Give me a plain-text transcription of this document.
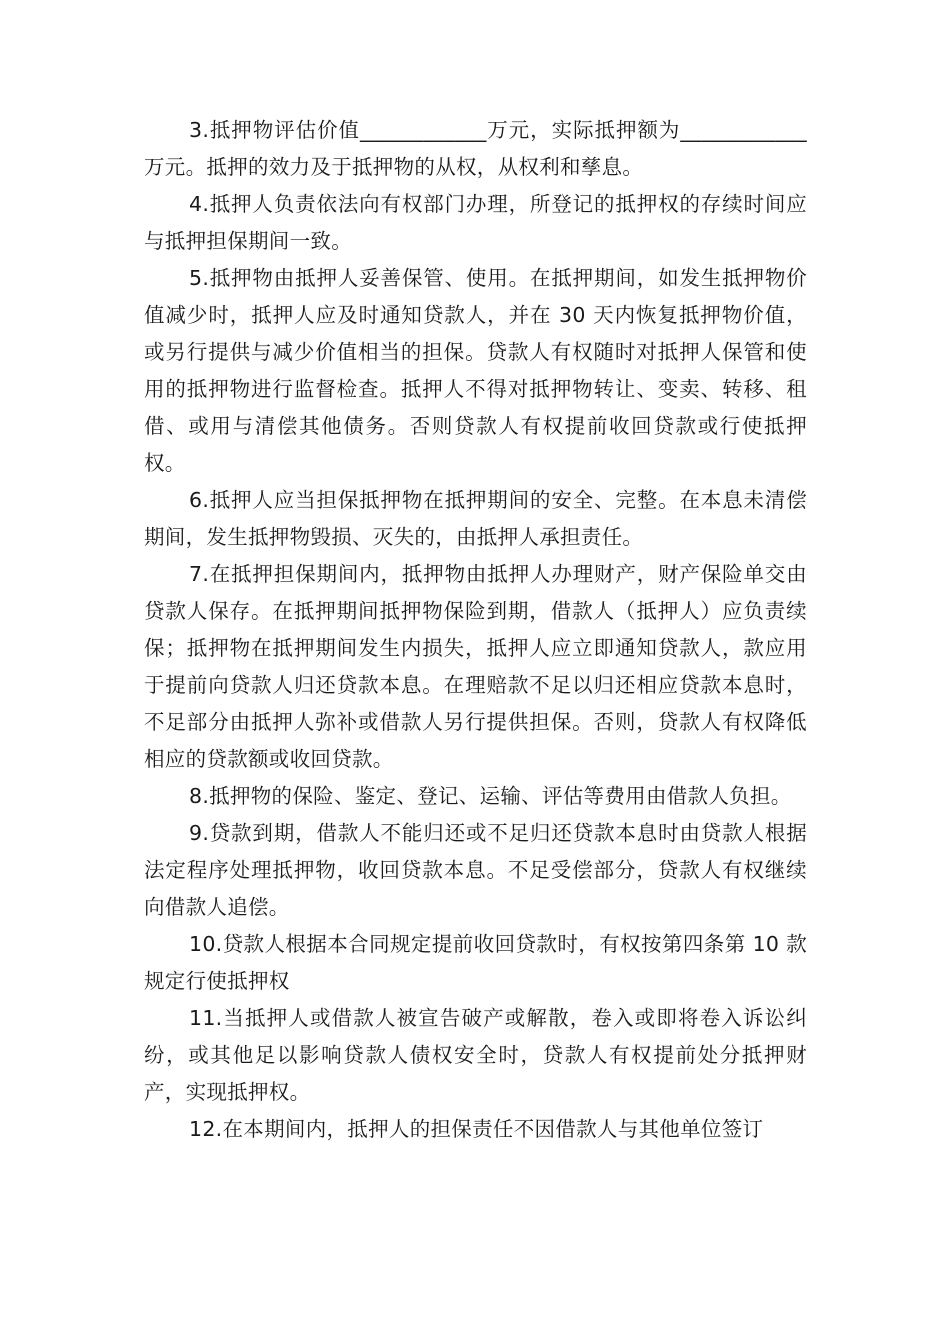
3.抵押物评估价值____________万元，实际抵押额为____________万元。抵押的效力及于抵押物的从权，从权利和孳息。

4.抵押人负责依法向有权部门办理，所登记的抵押权的存续时间应与抵押担保期间一致。

5.抵押物由抵押人妥善保管、使用。在抵押期间，如发生抵押物价值减少时，抵押人应及时通知贷款人，并在 30 天内恢复抵押物价值，或另行提供与减少价值相当的担保。贷款人有权随时对抵押人保管和使用的抵押物进行监督检查。抵押人不得对抵押物转让、变卖、转移、租借、或用与清偿其他债务。否则贷款人有权提前收回贷款或行使抵押权。

6.抵押人应当担保抵押物在抵押期间的安全、完整。在本息未清偿期间，发生抵押物毁损、灭失的，由抵押人承担责任。

7.在抵押担保期间内，抵押物由抵押人办理财产，财产保险单交由贷款人保存。在抵押期间抵押物保险到期，借款人（抵押人）应负责续保；抵押物在抵押期间发生内损失，抵押人应立即通知贷款人，款应用于提前向贷款人归还贷款本息。在理赔款不足以归还相应贷款本息时，不足部分由抵押人弥补或借款人另行提供担保。否则，贷款人有权降低相应的贷款额或收回贷款。

8.抵押物的保险、鉴定、登记、运输、评估等费用由借款人负担。

9.贷款到期，借款人不能归还或不足归还贷款本息时由贷款人根据法定程序处理抵押物，收回贷款本息。不足受偿部分，贷款人有权继续向借款人追偿。

10.贷款人根据本合同规定提前收回贷款时，有权按第四条第 10 款规定行使抵押权

11.当抵押人或借款人被宣告破产或解散，卷入或即将卷入诉讼纠纷，或其他足以影响贷款人债权安全时，贷款人有权提前处分抵押财产，实现抵押权。

12.在本期间内，抵押人的担保责任不因借款人与其他单位签订
